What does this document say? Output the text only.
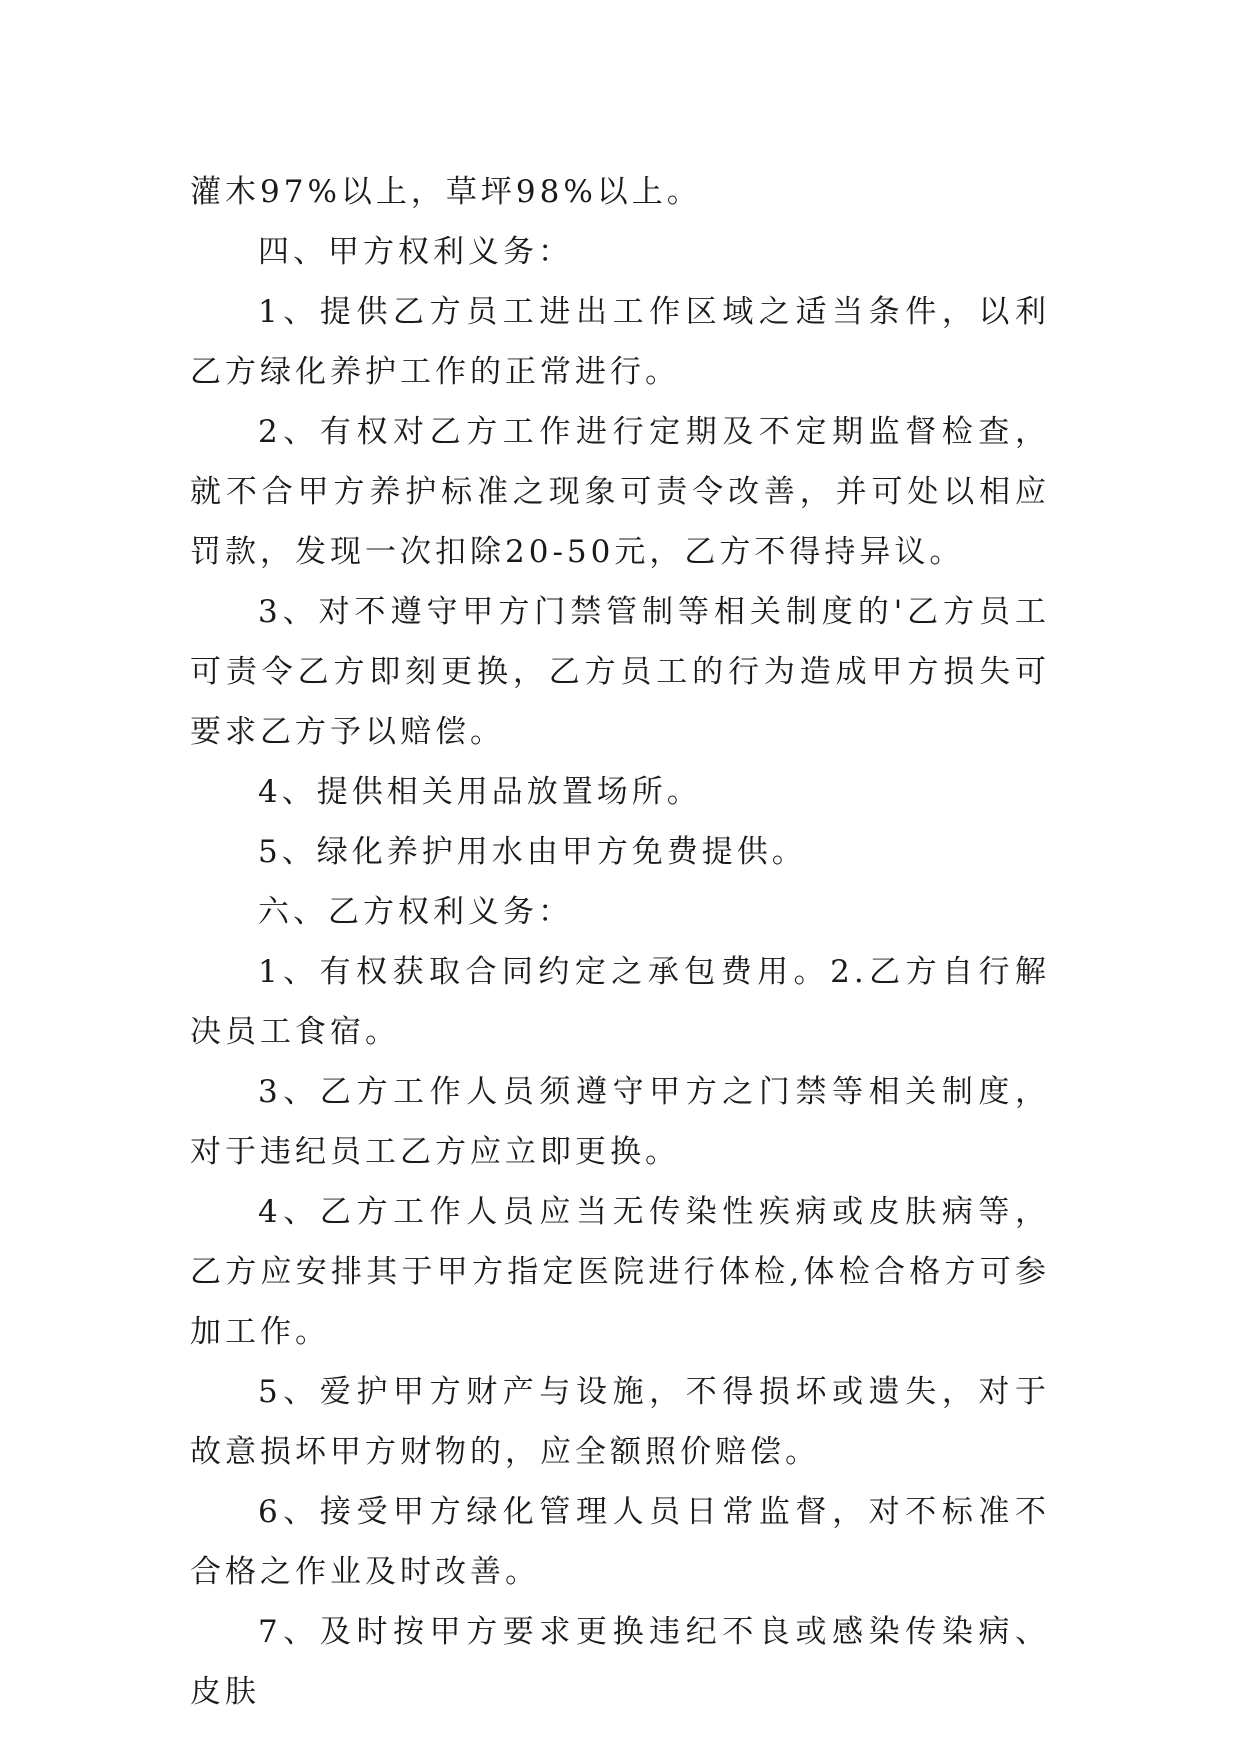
灌木97%以上，草坪98%以上。

四、甲方权利义务：

1、提供乙方员工进出工作区域之适当条件，以利乙方绿化养护工作的正常进行。

2、有权对乙方工作进行定期及不定期监督检查，就不合甲方养护标准之现象可责令改善，并可处以相应罚款，发现一次扣除20-50元，乙方不得持异议。

3、对不遵守甲方门禁管制等相关制度的'乙方员工可责令乙方即刻更换，乙方员工的行为造成甲方损失可要求乙方予以赔偿。

4、提供相关用品放置场所。

5、绿化养护用水由甲方免费提供。

六、乙方权利义务：

1、有权获取合同约定之承包费用。2.乙方自行解决员工食宿。

3、乙方工作人员须遵守甲方之门禁等相关制度，对于违纪员工乙方应立即更换。

4、乙方工作人员应当无传染性疾病或皮肤病等，乙方应安排其于甲方指定医院进行体检,体检合格方可参加工作。

5、爱护甲方财产与设施，不得损坏或遗失，对于故意损坏甲方财物的，应全额照价赔偿。

6、接受甲方绿化管理人员日常监督，对不标准不合格之作业及时改善。

7、及时按甲方要求更换违纪不良或感染传染病、皮肤
